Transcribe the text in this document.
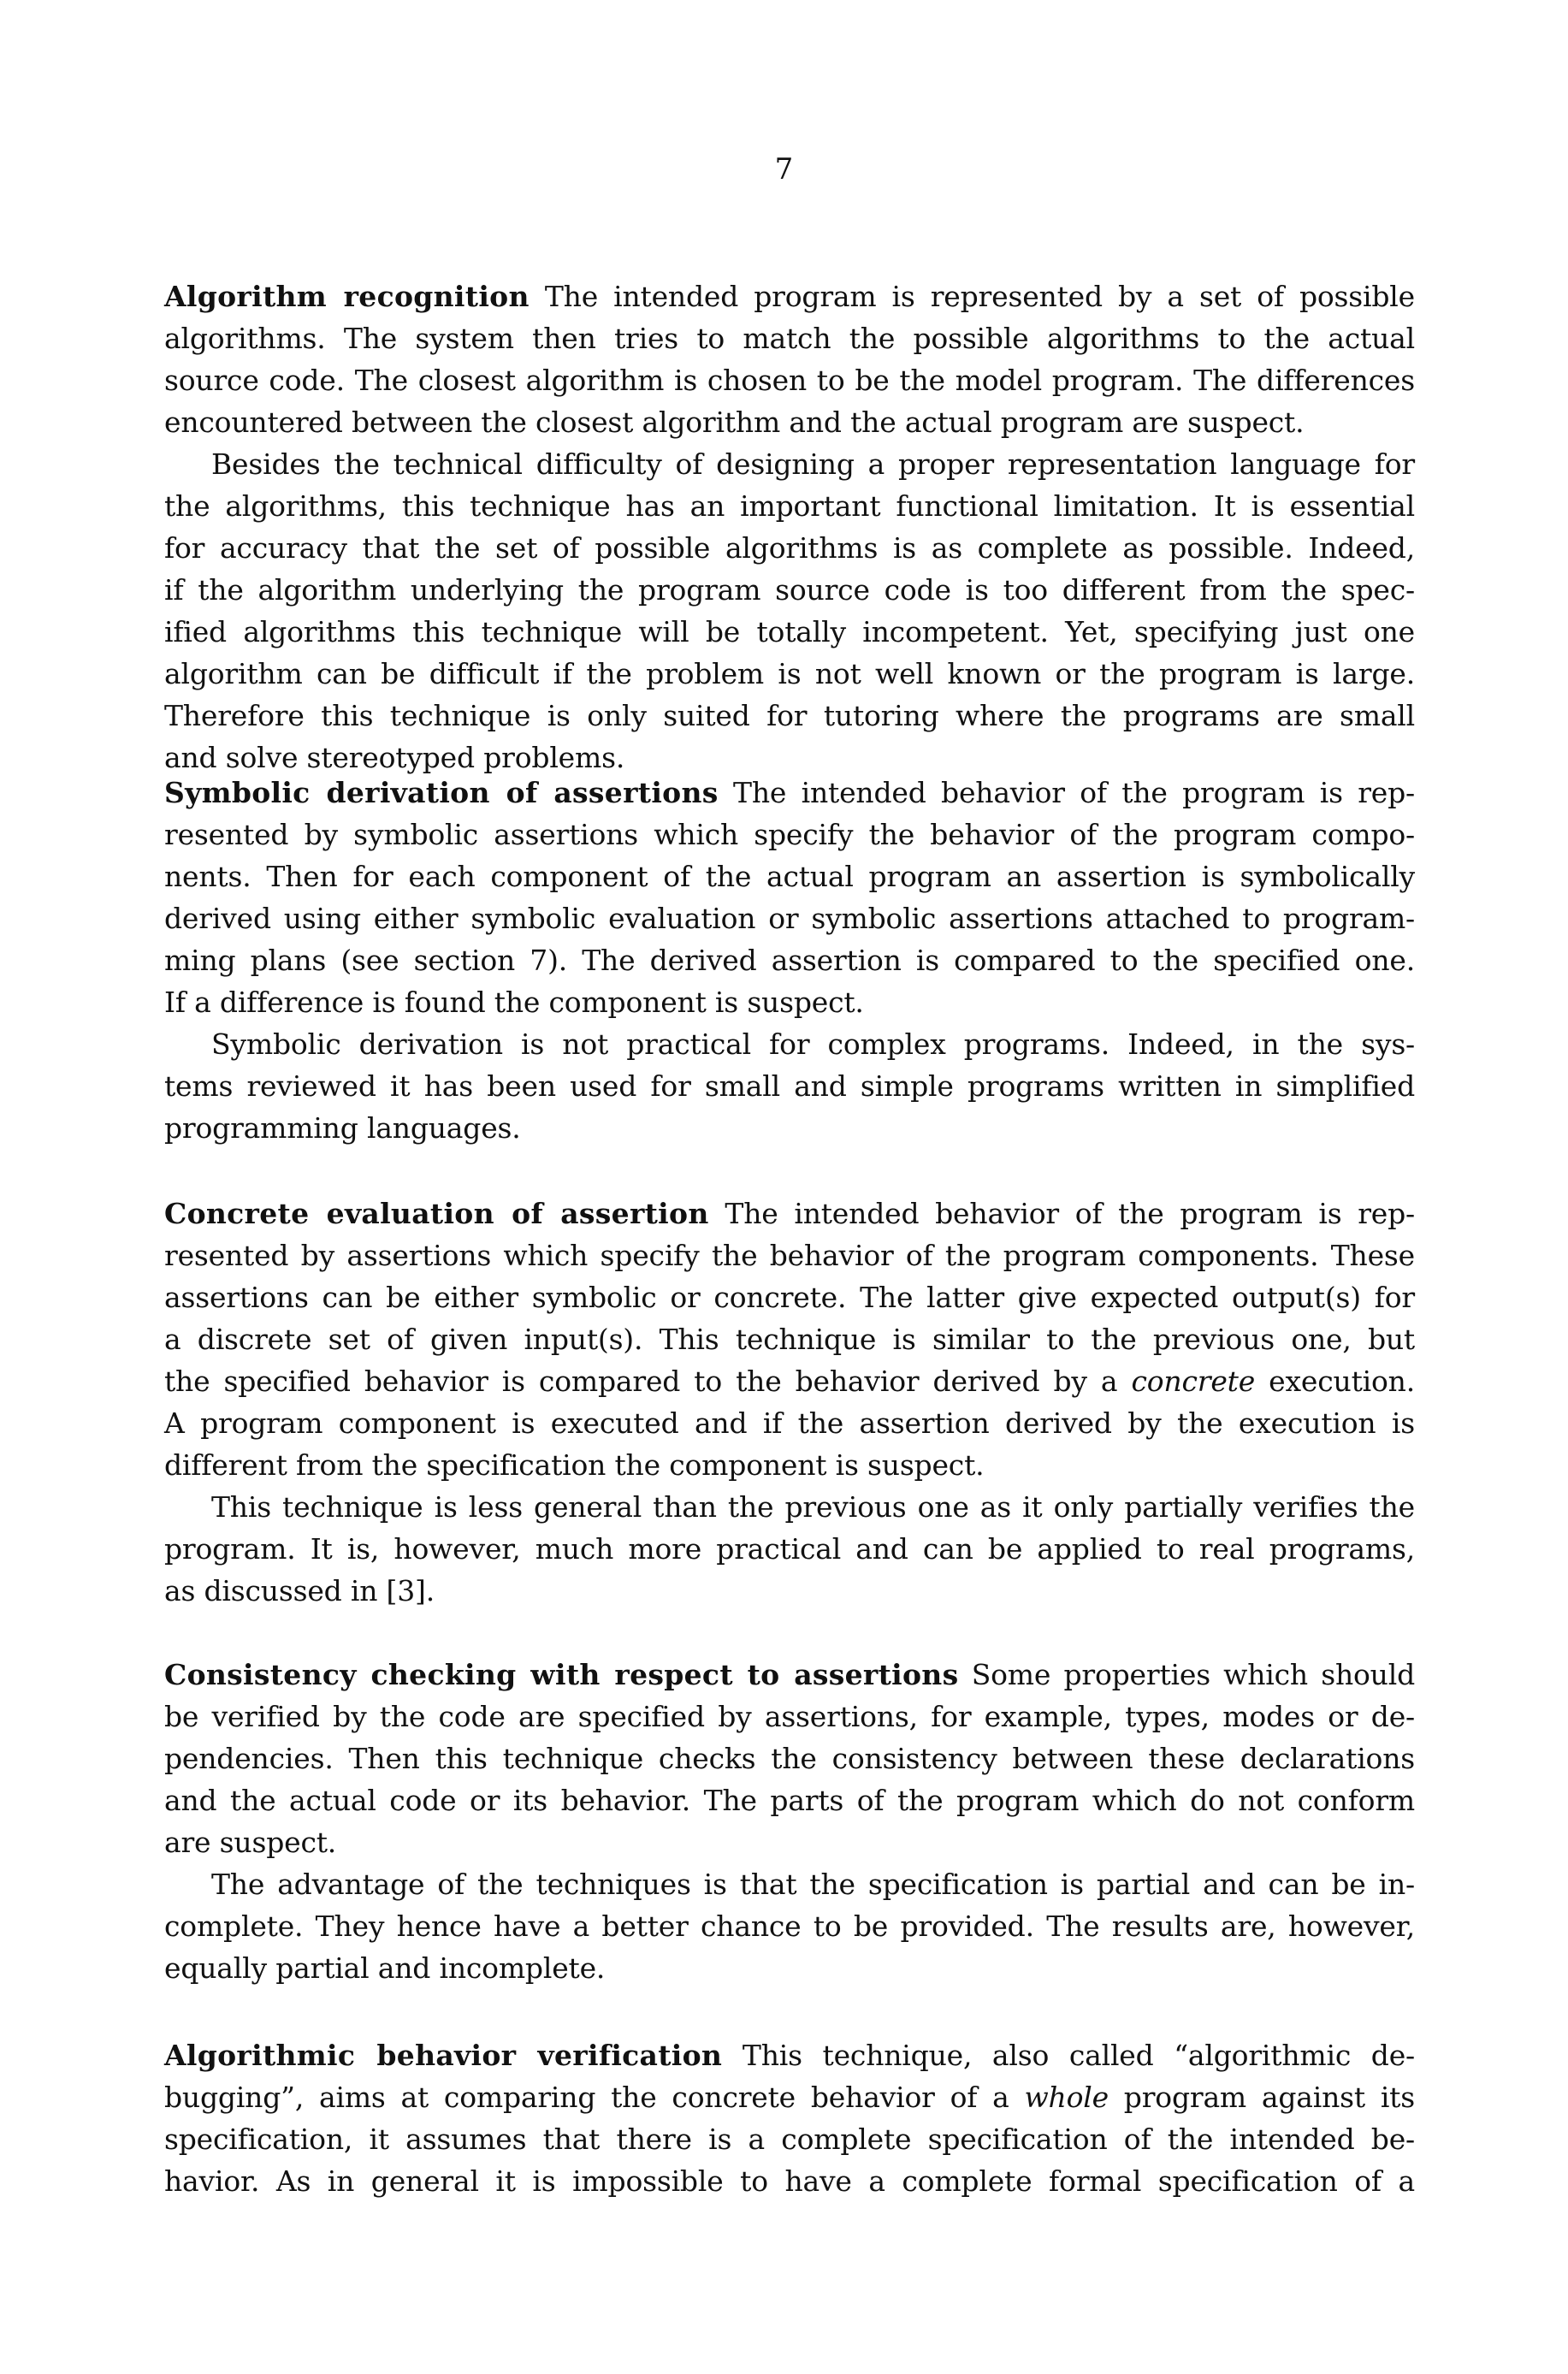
7
Algorithm recognition The intended program is represented by a set of possible
algorithms. The system then tries to match the possible algorithms to the actual
source code. The closest algorithm is chosen to be the model program. The differences
encountered between the closest algorithm and the actual program are suspect.
Besides the technical difficulty of designing a proper representation language for
the algorithms, this technique has an important functional limitation. It is essential
for accuracy that the set of possible algorithms is as complete as possible. Indeed,
if the algorithm underlying the program source code is too different from the spec-
ified algorithms this technique will be totally incompetent. Yet, specifying just one
algorithm can be difficult if the problem is not well known or the program is large.
Therefore this technique is only suited for tutoring where the programs are small
and solve stereotyped problems.
Symbolic derivation of assertions The intended behavior of the program is rep-
resented by symbolic assertions which specify the behavior of the program compo-
nents. Then for each component of the actual program an assertion is symbolically
derived using either symbolic evaluation or symbolic assertions attached to program-
ming plans (see section 7). The derived assertion is compared to the specified one.
If a difference is found the component is suspect.
Symbolic derivation is not practical for complex programs. Indeed, in the sys-
tems reviewed it has been used for small and simple programs written in simplified
programming languages.
Concrete evaluation of assertion The intended behavior of the program is rep-
resented by assertions which specify the behavior of the program components. These
assertions can be either symbolic or concrete. The latter give expected output(s) for
a discrete set of given input(s). This technique is similar to the previous one, but
the specified behavior is compared to the behavior derived by a concrete execution.
A program component is executed and if the assertion derived by the execution is
different from the specification the component is suspect.
This technique is less general than the previous one as it only partially verifies the
program. It is, however, much more practical and can be applied to real programs,
as discussed in [3].
Consistency checking with respect to assertions Some properties which should
be verified by the code are specified by assertions, for example, types, modes or de-
pendencies. Then this technique checks the consistency between these declarations
and the actual code or its behavior. The parts of the program which do not conform
are suspect.
The advantage of the techniques is that the specification is partial and can be in-
complete. They hence have a better chance to be provided. The results are, however,
equally partial and incomplete.
Algorithmic behavior verification This technique, also called “algorithmic de-
bugging”, aims at comparing the concrete behavior of a whole program against its
specification, it assumes that there is a complete specification of the intended be-
havior. As in general it is impossible to have a complete formal specification of a
